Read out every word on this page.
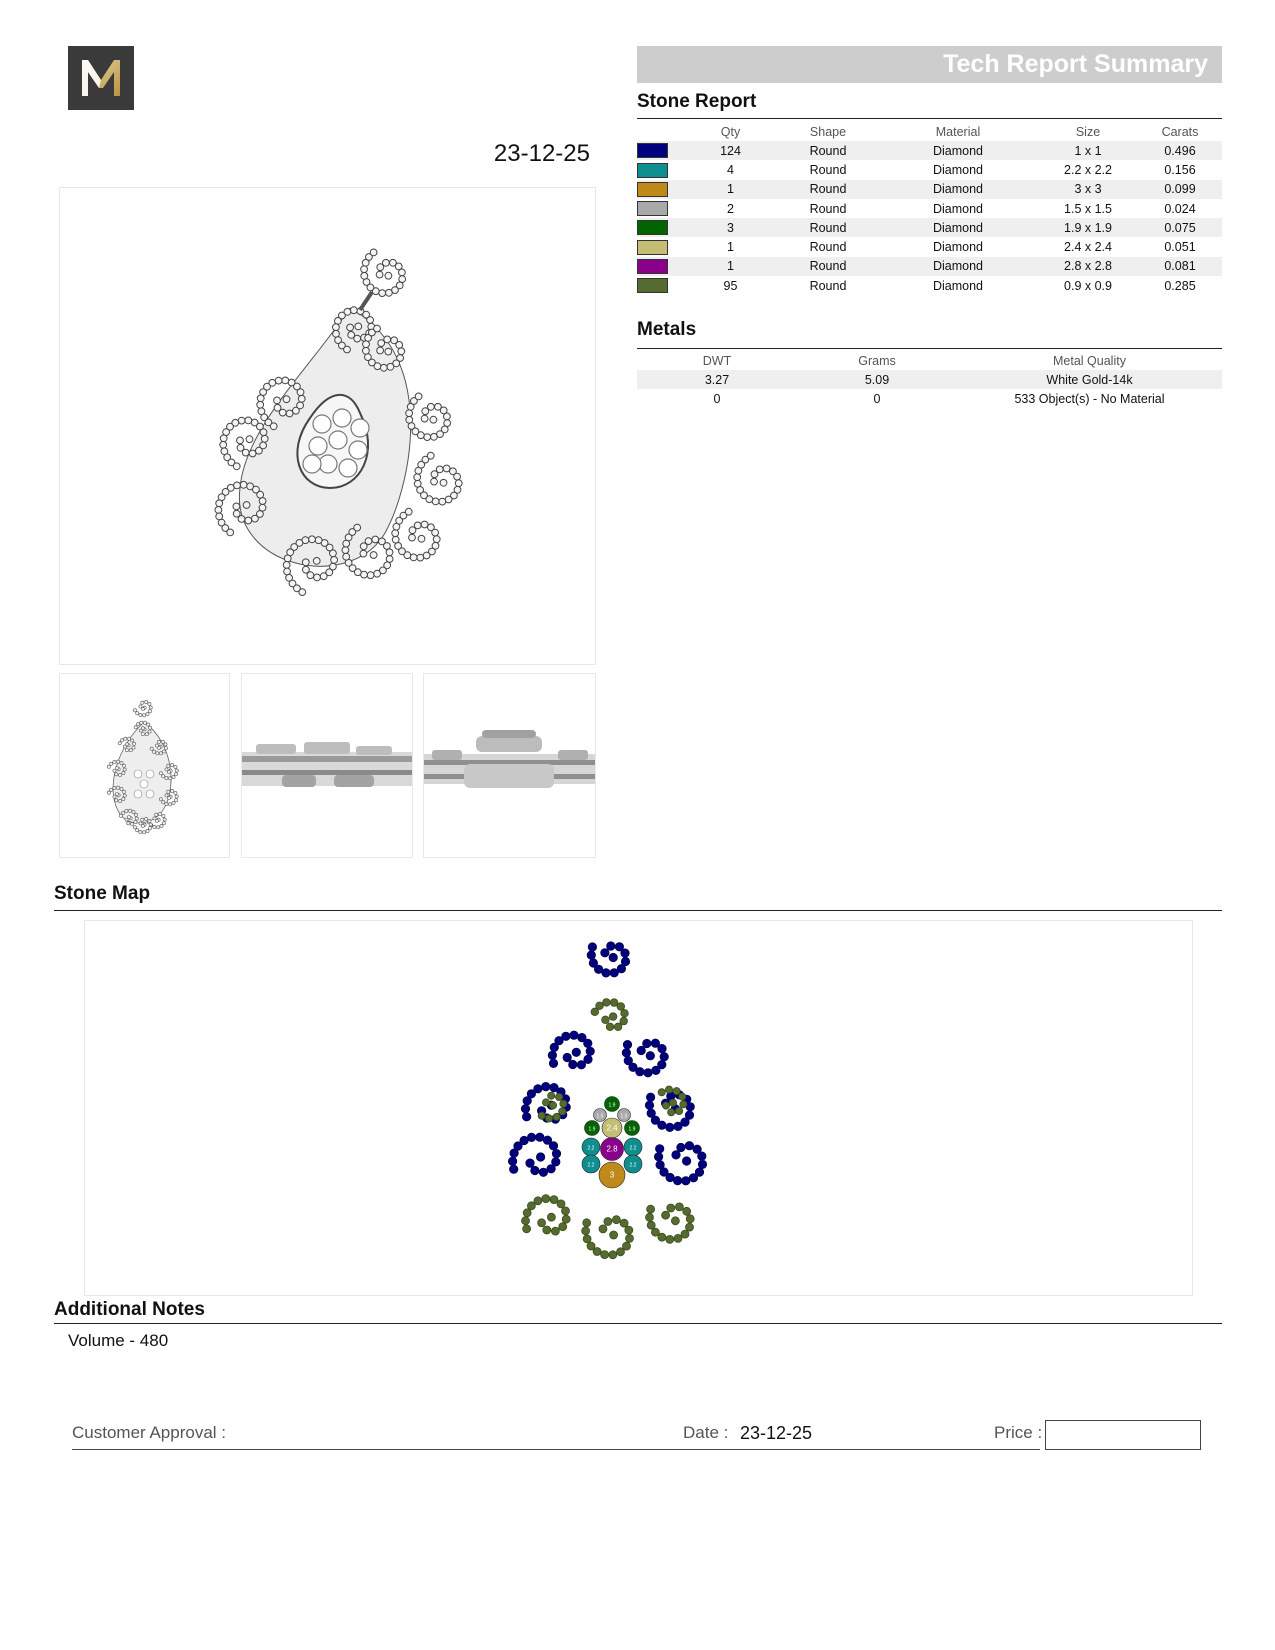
23-12-25
Tech Report Summary
Stone Report
	Qty	Shape	Material	Size	Carats
	124	Round	Diamond	1 x 1	0.496
	4	Round	Diamond	2.2 x 2.2	0.156
	1	Round	Diamond	3 x 3	0.099
	2	Round	Diamond	1.5 x 1.5	0.024
	3	Round	Diamond	1.9 x 1.9	0.075
	1	Round	Diamond	2.4 x 2.4	0.051
	1	Round	Diamond	2.8 x 2.8	0.081
	95	Round	Diamond	0.9 x 0.9	0.285
Metals
DWT	Grams	Metal Quality
3.27	5.09	White Gold-14k
0	0	533 Object(s) - No Material
Stone Map
1.9
1.5	1.5
1.9	1.9
2.4
2.2	2.2
2.2	2.2
2.8
3
Additional Notes
Volume - 480
Customer Approval :	Date : 23-12-25	Price :
